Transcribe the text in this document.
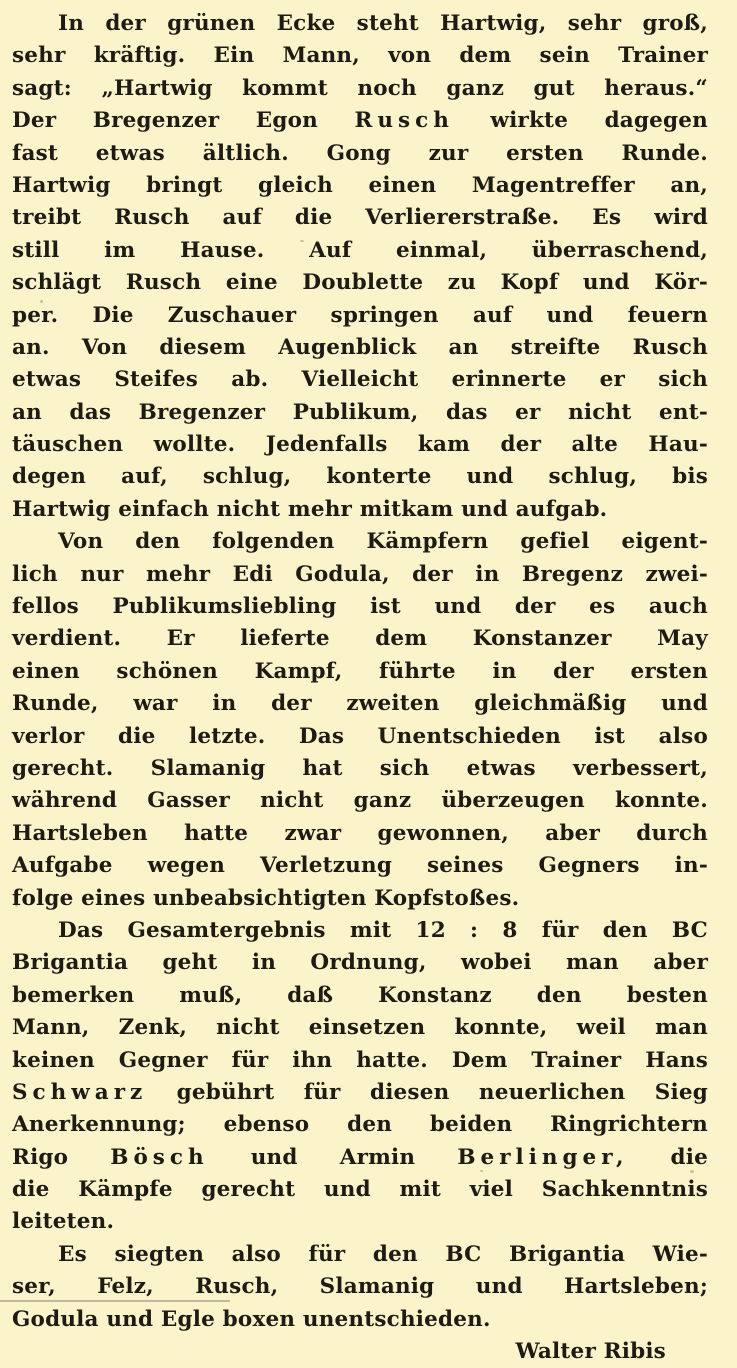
In der grünen Ecke steht Hartwig, sehr groß,
sehr kräftig. Ein Mann, von dem sein Trainer
sagt: „Hartwig kommt noch ganz gut heraus.“
Der Bregenzer Egon Rusch wirkte dagegen
fast etwas ältlich. Gong zur ersten Runde.
Hartwig bringt gleich einen Magentreffer an,
treibt Rusch auf die Verliererstraße. Es wird
still im Hause. Auf einmal, überraschend,
schlägt Rusch eine Doublette zu Kopf und Kör-
per. Die Zuschauer springen auf und feuern
an. Von diesem Augenblick an streifte Rusch
etwas Steifes ab. Vielleicht erinnerte er sich
an das Bregenzer Publikum, das er nicht ent-
täuschen wollte. Jedenfalls kam der alte Hau-
degen auf, schlug, konterte und schlug, bis
Hartwig einfach nicht mehr mitkam und aufgab.
Von den folgenden Kämpfern gefiel eigent-
lich nur mehr Edi Godula, der in Bregenz zwei-
fellos Publikumsliebling ist und der es auch
verdient. Er lieferte dem Konstanzer May
einen schönen Kampf, führte in der ersten
Runde, war in der zweiten gleichmäßig und
verlor die letzte. Das Unentschieden ist also
gerecht. Slamanig hat sich etwas verbessert,
während Gasser nicht ganz überzeugen konnte.
Hartsleben hatte zwar gewonnen, aber durch
Aufgabe wegen Verletzung seines Gegners in-
folge eines unbeabsichtigten Kopfstoßes.
Das Gesamtergebnis mit 12 : 8 für den BC
Brigantia geht in Ordnung, wobei man aber
bemerken muß, daß Konstanz den besten
Mann, Zenk, nicht einsetzen konnte, weil man
keinen Gegner für ihn hatte. Dem Trainer Hans
Schwarz gebührt für diesen neuerlichen Sieg
Anerkennung; ebenso den beiden Ringrichtern
Rigo Bösch und Armin Berlinger, die
die Kämpfe gerecht und mit viel Sachkenntnis
leiteten.
Es siegten also für den BC Brigantia Wie-
ser, Felz, Rusch, Slamanig und Hartsleben;
Godula und Egle boxen unentschieden.
Walter Ribis
